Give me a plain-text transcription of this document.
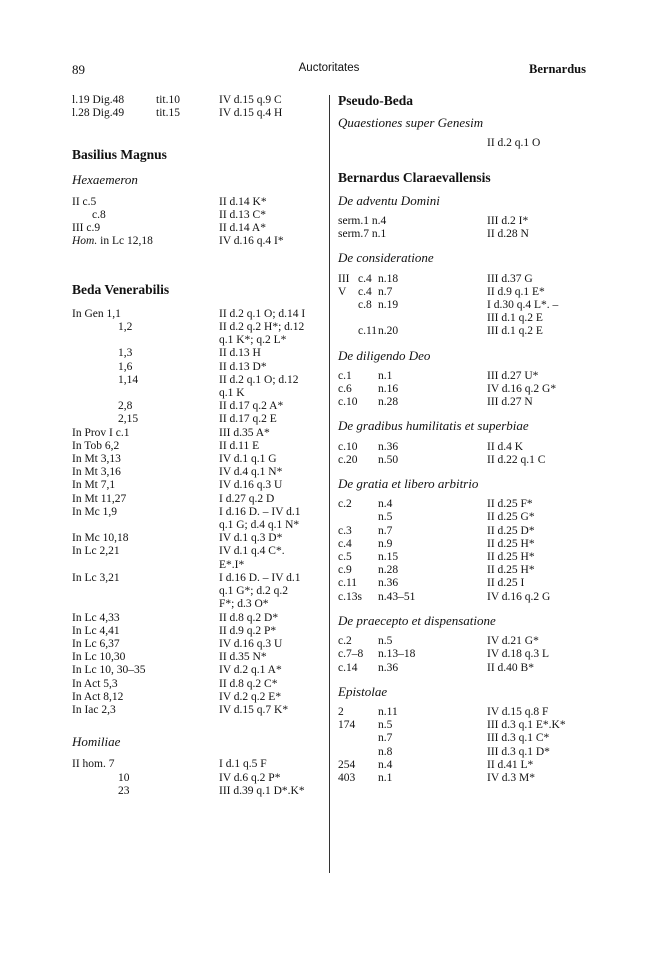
89	Auctoritates	Bernardus
l.19 Dig.48	tit.10	IV d.15 q.9 C
l.28 Dig.49	tit.15	IV d.15 q.4 H
Basilius Magnus
Hexaemeron
II c.5	II d.14 K*
c.8	II d.13 C*
III c.9	II d.14 A*
Hom. in Lc 12,18	IV d.16 q.4 I*
Beda Venerabilis
In Gen 1,1	II d.2 q.1 O; d.14 I
1,2	II d.2 q.2 H*; d.12
q.1 K*; q.2 L*
1,3	II d.13 H
1,6	II d.13 D*
1,14	II d.2 q.1 O; d.12
q.1 K
2,8	II d.17 q.2 A*
2,15	II d.17 q.2 E
In Prov I c.1	III d.35 A*
In Tob 6,2	II d.11 E
In Mt 3,13	IV d.1 q.1 G
In Mt 3,16	IV d.4 q.1 N*
In Mt 7,1	IV d.16 q.3 U
In Mt 11,27	I d.27 q.2 D
In Mc 1,9	I d.16 D. – IV d.1
q.1 G; d.4 q.1 N*
In Mc 10,18	IV d.1 q.3 D*
In Lc 2,21	IV d.1 q.4 C*.
E*.I*
In Lc 3,21	I d.16 D. – IV d.1
q.1 G*; d.2 q.2
F*; d.3 O*
In Lc 4,33	II d.8 q.2 D*
In Lc 4,41	II d.9 q.2 P*
In Lc 6,37	IV d.16 q.3 U
In Lc 10,30	II d.35 N*
In Lc 10, 30–35	IV d.2 q.1 A*
In Act 5,3	II d.8 q.2 C*
In Act 8,12	IV d.2 q.2 E*
In Iac 2,3	IV d.15 q.7 K*
Homiliae
II hom. 7	I d.1 q.5 F
10	IV d.6 q.2 P*
23	III d.39 q.1 D*.K*
Pseudo-Beda
Quaestiones super Genesim
II d.2 q.1 O
Bernardus Claraevallensis
De adventu Domini
serm.1 n.4	III d.2 I*
serm.7 n.1	II d.28 N
De consideratione
III c.4 n.18	III d.37 G
V c.4 n.7	II d.9 q.1 E*
c.8 n.19	I d.30 q.4 L*. –
III d.1 q.2 E
c.11 n.20	III d.1 q.2 E
De diligendo Deo
c.1 n.1	III d.27 U*
c.6 n.16	IV d.16 q.2 G*
c.10 n.28	III d.27 N
De gradibus humilitatis et superbiae
c.10 n.36	II d.4 K
c.20 n.50	II d.22 q.1 C
De gratia et libero arbitrio
c.2 n.4	II d.25 F*
n.5	II d.25 G*
c.3 n.7	II d.25 D*
c.4 n.9	II d.25 H*
c.5 n.15	II d.25 H*
c.9 n.28	II d.25 H*
c.11 n.36	II d.25 I
c.13s n.43–51	IV d.16 q.2 G
De praecepto et dispensatione
c.2 n.5	IV d.21 G*
c.7–8 n.13–18	IV d.18 q.3 L
c.14 n.36	II d.40 B*
Epistolae
2	n.11	IV d.15 q.8 F
174 n.5	III d.3 q.1 E*.K*
n.7	III d.3 q.1 C*
n.8	III d.3 q.1 D*
254 n.4	II d.41 L*
403 n.1	IV d.3 M*
